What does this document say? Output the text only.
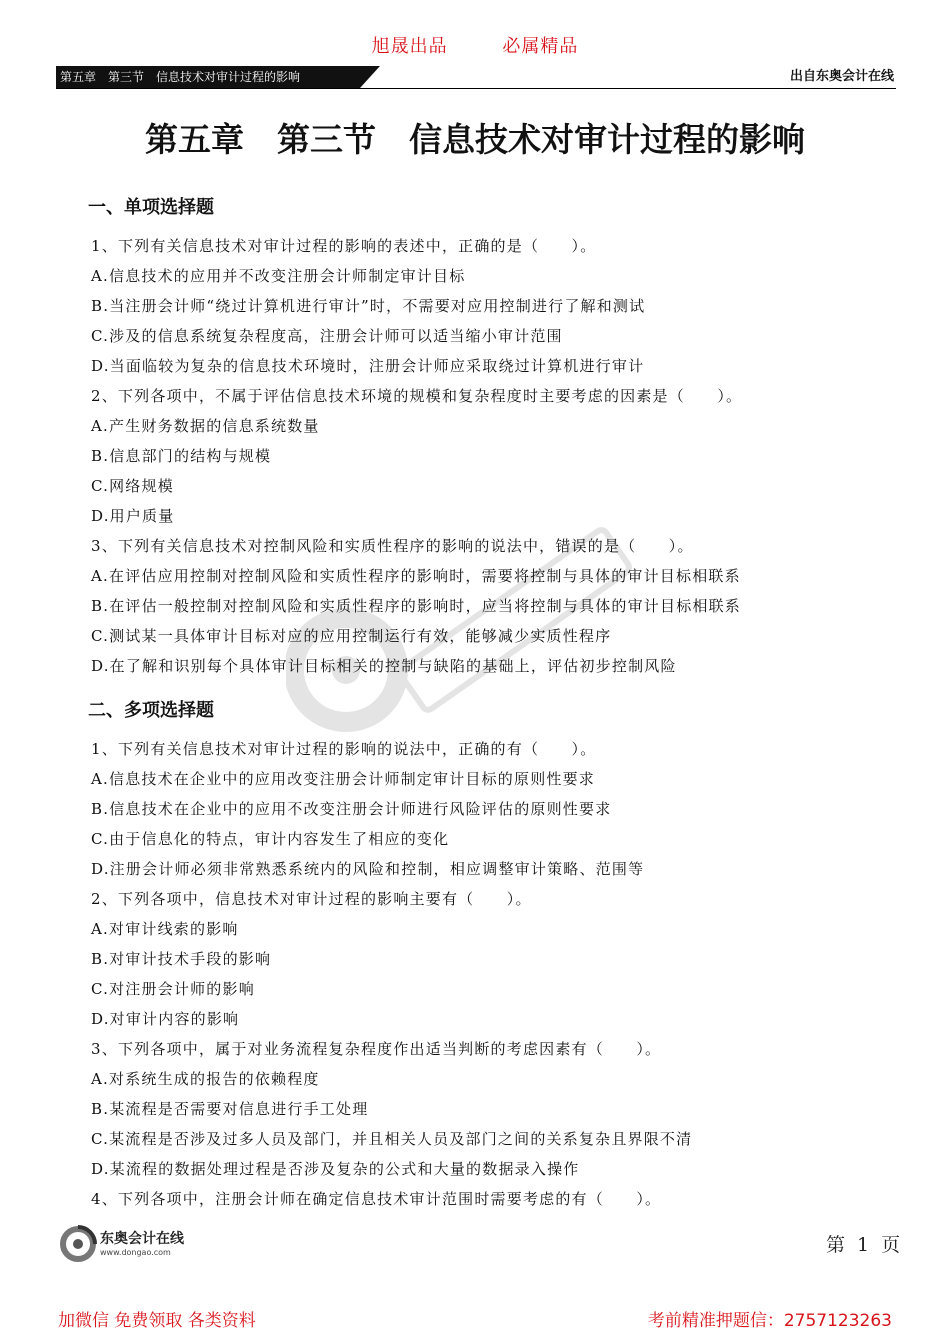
旭晟出品	必属精品
第五章　第三节　信息技术对审计过程的影响	出自东奥会计在线
第五章　第三节　信息技术对审计过程的影响
一、单项选择题
1、下列有关信息技术对审计过程的影响的表述中，正确的是（　　）。
A.信息技术的应用并不改变注册会计师制定审计目标
B.当注册会计师“绕过计算机进行审计”时，不需要对应用控制进行了解和测试
C.涉及的信息系统复杂程度高，注册会计师可以适当缩小审计范围
D.当面临较为复杂的信息技术环境时，注册会计师应采取绕过计算机进行审计
2、下列各项中，不属于评估信息技术环境的规模和复杂程度时主要考虑的因素是（　　）。
A.产生财务数据的信息系统数量
B.信息部门的结构与规模
C.网络规模
D.用户质量
3、下列有关信息技术对控制风险和实质性程序的影响的说法中，错误的是（　　）。
A.在评估应用控制对控制风险和实质性程序的影响时，需要将控制与具体的审计目标相联系
B.在评估一般控制对控制风险和实质性程序的影响时，应当将控制与具体的审计目标相联系
C.测试某一具体审计目标对应的应用控制运行有效，能够减少实质性程序
D.在了解和识别每个具体审计目标相关的控制与缺陷的基础上，评估初步控制风险
二、多项选择题
1、下列有关信息技术对审计过程的影响的说法中，正确的有（　　）。
A.信息技术在企业中的应用改变注册会计师制定审计目标的原则性要求
B.信息技术在企业中的应用不改变注册会计师进行风险评估的原则性要求
C.由于信息化的特点，审计内容发生了相应的变化
D.注册会计师必须非常熟悉系统内的风险和控制，相应调整审计策略、范围等
2、下列各项中，信息技术对审计过程的影响主要有（　　）。
A.对审计线索的影响
B.对审计技术手段的影响
C.对注册会计师的影响
D.对审计内容的影响
3、下列各项中，属于对业务流程复杂程度作出适当判断的考虑因素有（　　）。
A.对系统生成的报告的依赖程度
B.某流程是否需要对信息进行手工处理
C.某流程是否涉及过多人员及部门，并且相关人员及部门之间的关系复杂且界限不清
D.某流程的数据处理过程是否涉及复杂的公式和大量的数据录入操作
4、下列各项中，注册会计师在确定信息技术审计范围时需要考虑的有（　　）。
东奥会计在线
www.dongao.com	第 1 页
加微信 免费领取 各类资料	考前精准押题信：2757123263
